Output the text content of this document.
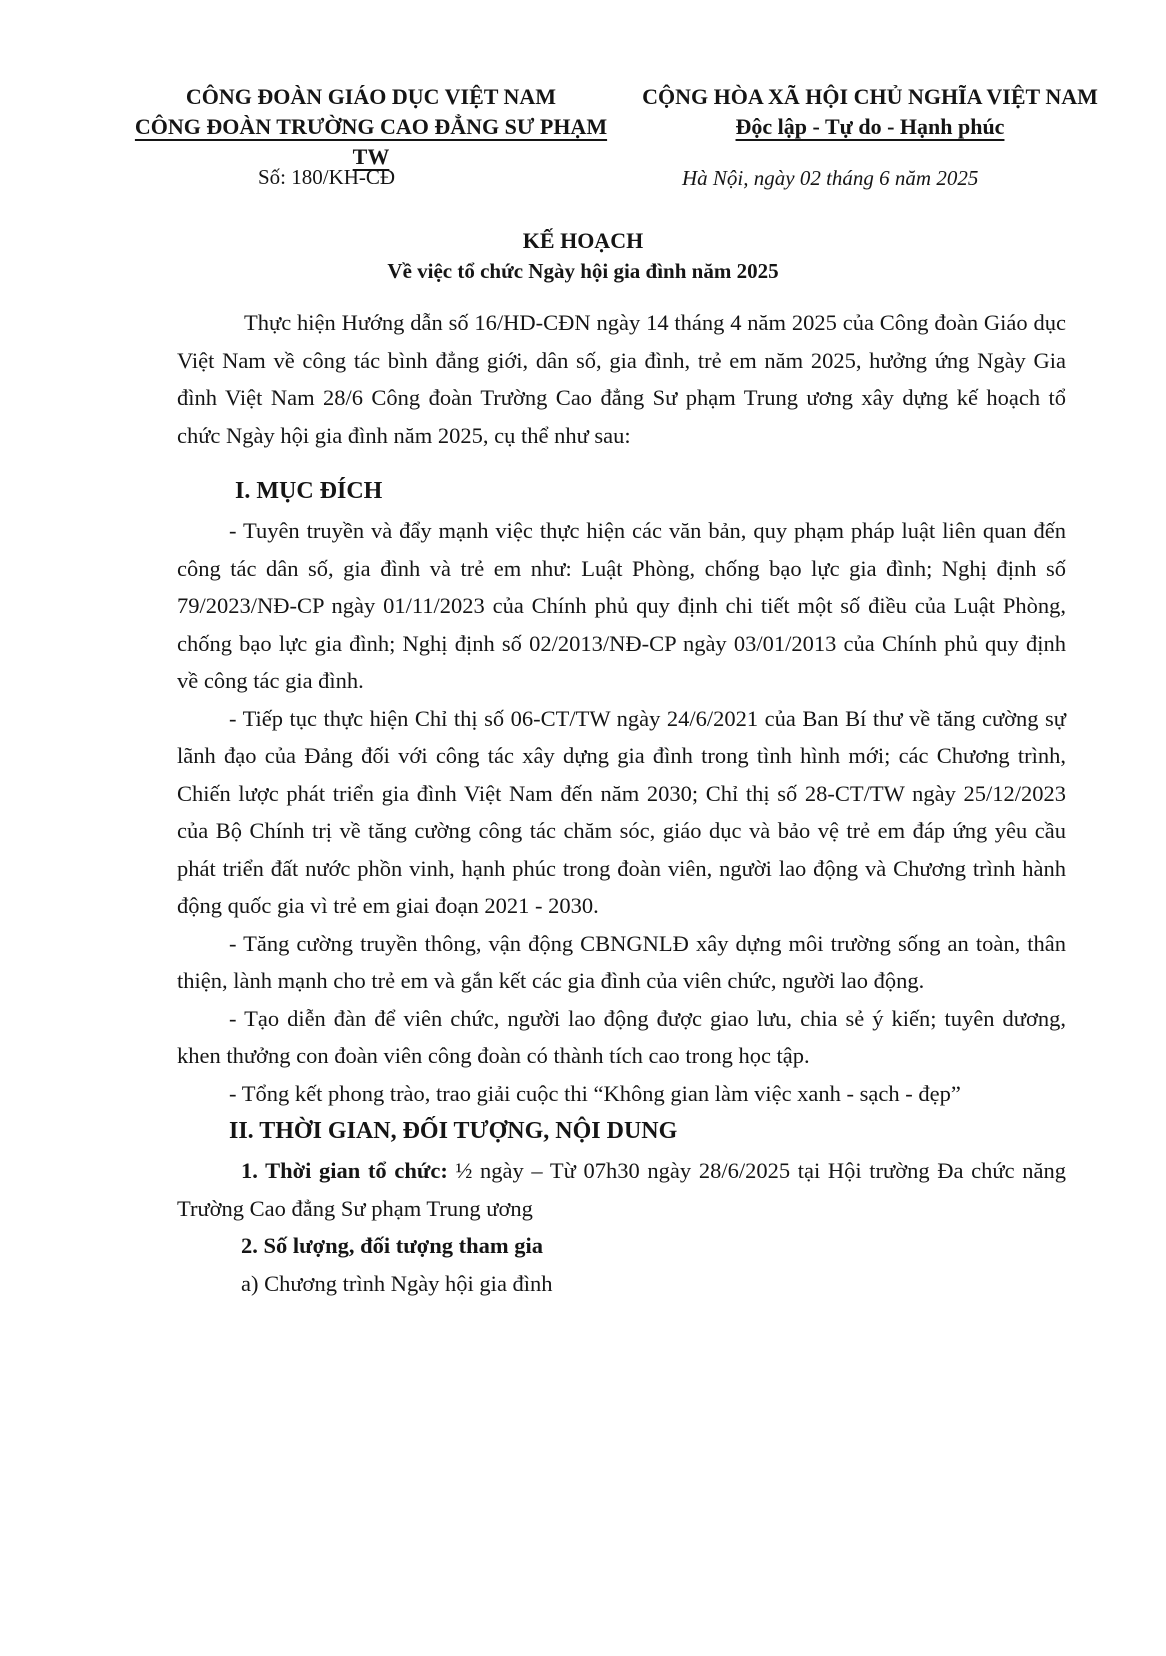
CÔNG ĐOÀN GIÁO DỤC VIỆT NAM
CÔNG ĐOÀN TRƯỜNG CAO ĐẲNG SƯ PHẠM TW
CỘNG HÒA XÃ HỘI CHỦ NGHĨA VIỆT NAM
Độc lập - Tự do - Hạnh phúc
Số: 180/KH-CĐ	Hà Nội, ngày 02 tháng 6 năm 2025
KẾ HOẠCH
Về việc tổ chức Ngày hội gia đình năm 2025

Thực hiện Hướng dẫn số 16/HD-CĐN ngày 14 tháng 4 năm 2025 của Công đoàn Giáo dục Việt Nam về công tác bình đẳng giới, dân số, gia đình, trẻ em năm 2025, hưởng ứng Ngày Gia đình Việt Nam 28/6 Công đoàn Trường Cao đẳng Sư phạm Trung ương xây dựng kế hoạch tổ chức Ngày hội gia đình năm 2025, cụ thể như sau:

I. MỤC ĐÍCH

- Tuyên truyền và đẩy mạnh việc thực hiện các văn bản, quy phạm pháp luật liên quan đến công tác dân số, gia đình và trẻ em như: Luật Phòng, chống bạo lực gia đình; Nghị định số 79/2023/NĐ-CP ngày 01/11/2023 của Chính phủ quy định chi tiết một số điều của Luật Phòng, chống bạo lực gia đình; Nghị định số 02/2013/NĐ-CP ngày 03/01/2013 của Chính phủ quy định về công tác gia đình.

- Tiếp tục thực hiện Chỉ thị số 06-CT/TW ngày 24/6/2021 của Ban Bí thư về tăng cường sự lãnh đạo của Đảng đối với công tác xây dựng gia đình trong tình hình mới; các Chương trình, Chiến lược phát triển gia đình Việt Nam đến năm 2030; Chỉ thị số 28-CT/TW ngày 25/12/2023 của Bộ Chính trị về tăng cường công tác chăm sóc, giáo dục và bảo vệ trẻ em đáp ứng yêu cầu phát triển đất nước phồn vinh, hạnh phúc trong đoàn viên, người lao động và Chương trình hành động quốc gia vì trẻ em giai đoạn 2021 - 2030.

- Tăng cường truyền thông, vận động CBNGNLĐ xây dựng môi trường sống an toàn, thân thiện, lành mạnh cho trẻ em và gắn kết các gia đình của viên chức, người lao động.

- Tạo diễn đàn để viên chức, người lao động được giao lưu, chia sẻ ý kiến; tuyên dương, khen thưởng con đoàn viên công đoàn có thành tích cao trong học tập.

- Tổng kết phong trào, trao giải cuộc thi “Không gian làm việc xanh - sạch - đẹp”

II. THỜI GIAN, ĐỐI TƯỢNG, NỘI DUNG

1. Thời gian tổ chức: ½ ngày – Từ 07h30 ngày 28/6/2025 tại Hội trường Đa chức năng Trường Cao đẳng Sư phạm Trung ương

2. Số lượng, đối tượng tham gia

a) Chương trình Ngày hội gia đình
